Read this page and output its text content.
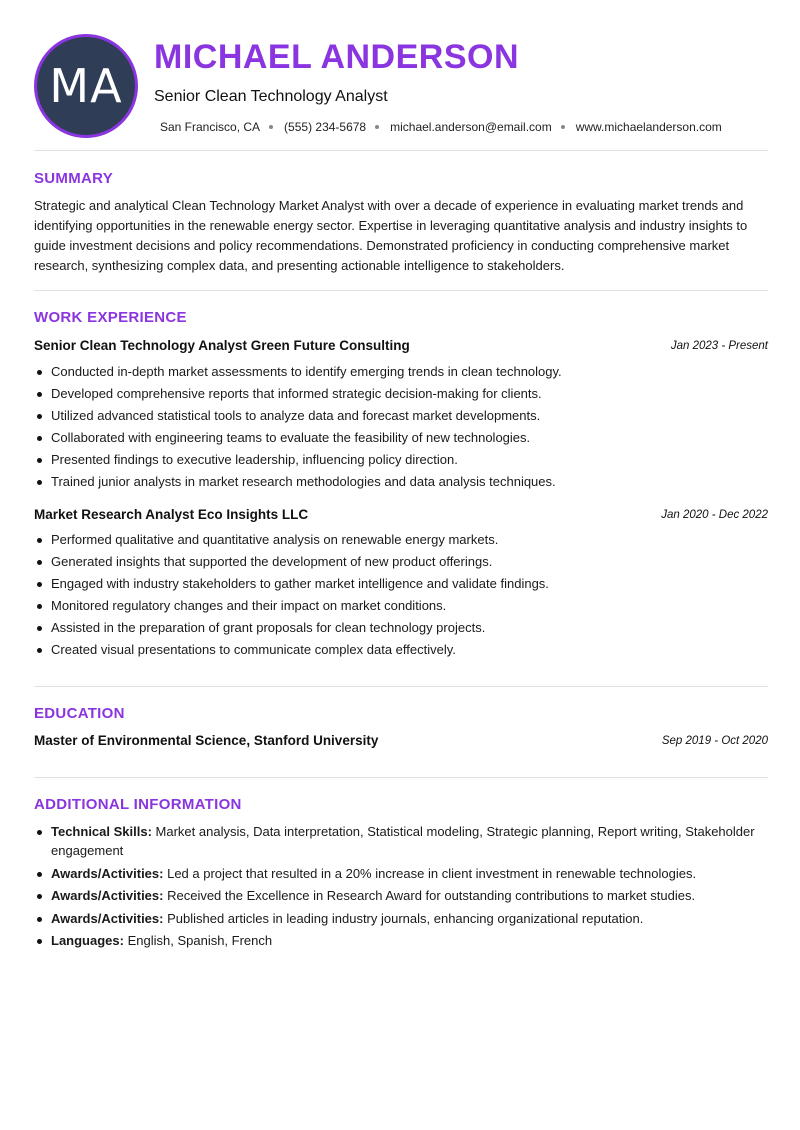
MA
MICHAEL ANDERSON
Senior Clean Technology Analyst
San Francisco, CA (555) 234-5678 michael.anderson@email.com www.michaelanderson.com
SUMMARY
Strategic and analytical Clean Technology Market Analyst with over a decade of experience in evaluating market trends and identifying opportunities in the renewable energy sector. Expertise in leveraging quantitative analysis and industry insights to guide investment decisions and policy recommendations. Demonstrated proficiency in conducting comprehensive market research, synthesizing complex data, and presenting actionable intelligence to stakeholders.
WORK EXPERIENCE
Senior Clean Technology Analyst Green Future Consulting	Jan 2023 - Present
Conducted in-depth market assessments to identify emerging trends in clean technology.
Developed comprehensive reports that informed strategic decision-making for clients.
Utilized advanced statistical tools to analyze data and forecast market developments.
Collaborated with engineering teams to evaluate the feasibility of new technologies.
Presented findings to executive leadership, influencing policy direction.
Trained junior analysts in market research methodologies and data analysis techniques.
Market Research Analyst Eco Insights LLC	Jan 2020 - Dec 2022
Performed qualitative and quantitative analysis on renewable energy markets.
Generated insights that supported the development of new product offerings.
Engaged with industry stakeholders to gather market intelligence and validate findings.
Monitored regulatory changes and their impact on market conditions.
Assisted in the preparation of grant proposals for clean technology projects.
Created visual presentations to communicate complex data effectively.
EDUCATION
Master of Environmental Science, Stanford University	Sep 2019 - Oct 2020
ADDITIONAL INFORMATION
Technical Skills: Market analysis, Data interpretation, Statistical modeling, Strategic planning, Report writing, Stakeholder engagement
Awards/Activities: Led a project that resulted in a 20% increase in client investment in renewable technologies.
Awards/Activities: Received the Excellence in Research Award for outstanding contributions to market studies.
Awards/Activities: Published articles in leading industry journals, enhancing organizational reputation.
Languages: English, Spanish, French
